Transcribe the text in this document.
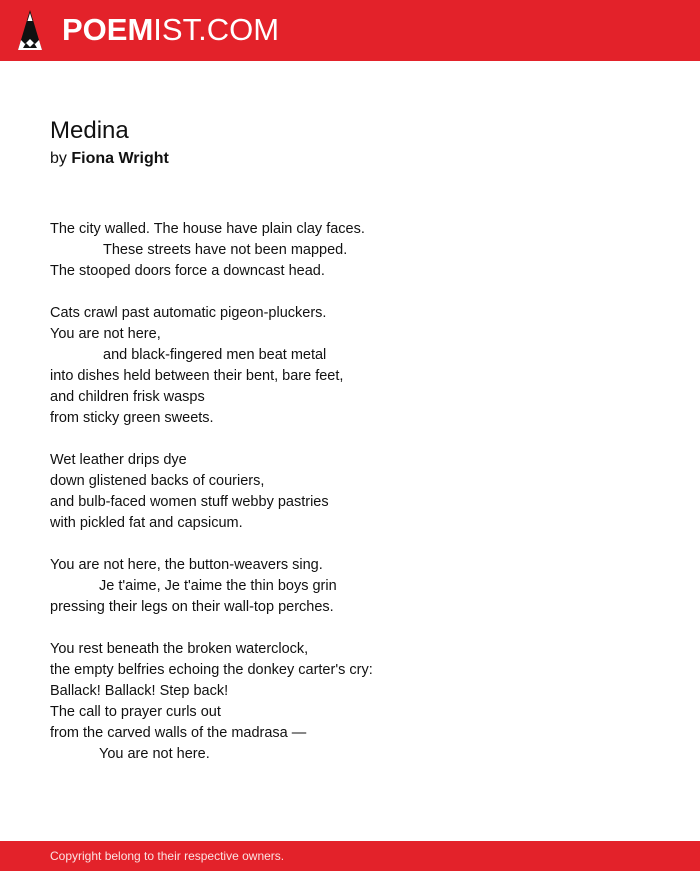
POEMIST.COM
Medina
by Fiona Wright
The city walled. The house have plain clay faces.
These streets have not been mapped.
The stooped doors force a downcast head.
Cats crawl past automatic pigeon-pluckers.
You are not here,
and black-fingered men beat metal
into dishes held between their bent, bare feet,
and children frisk wasps
from sticky green sweets.
Wet leather drips dye
down glistened backs of couriers,
and bulb-faced women stuff webby pastries
with pickled fat and capsicum.
You are not here, the button-weavers sing.
Je t'aime, Je t'aime the thin boys grin
pressing their legs on their wall-top perches.
You rest beneath the broken waterclock,
the empty belfries echoing the donkey carter's cry:
Ballack! Ballack! Step back!
The call to prayer curls out
from the carved walls of the madrasa —
You are not here.
Copyright belong to their respective owners.
